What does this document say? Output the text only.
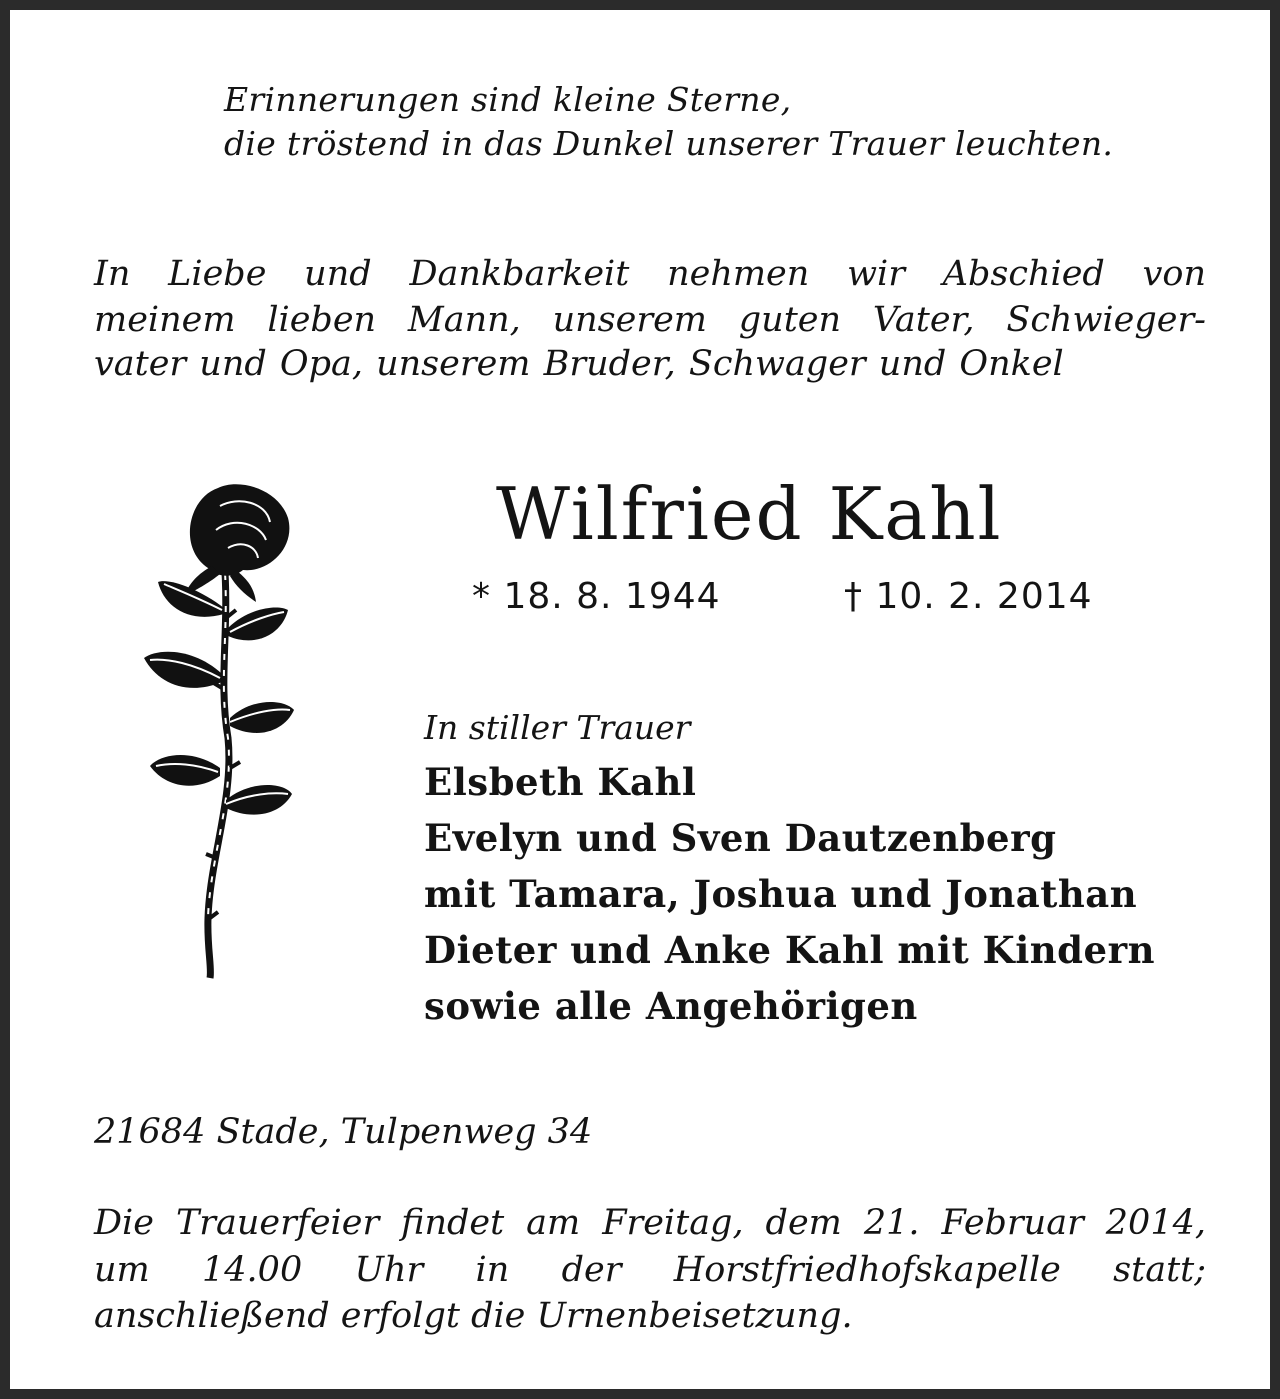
Erinnerungen sind kleine Sterne,
die tröstend in das Dunkel unserer Trauer leuchten.
In Liebe und Dankbarkeit nehmen wir Abschied von
meinem lieben Mann, unserem guten Vater, Schwieger-
vater und Opa, unserem Bruder, Schwager und Onkel
Wilfried Kahl
* 18. 8. 1944	† 10. 2. 2014
In stiller Trauer
Elsbeth Kahl
Evelyn und Sven Dautzenberg
mit Tamara, Joshua und Jonathan
Dieter und Anke Kahl mit Kindern
sowie alle Angehörigen
21684 Stade, Tulpenweg 34
Die Trauerfeier findet am Freitag, dem 21. Februar 2014,
um 14.00 Uhr in der Horstfriedhofskapelle statt;
anschließend erfolgt die Urnenbeisetzung.
